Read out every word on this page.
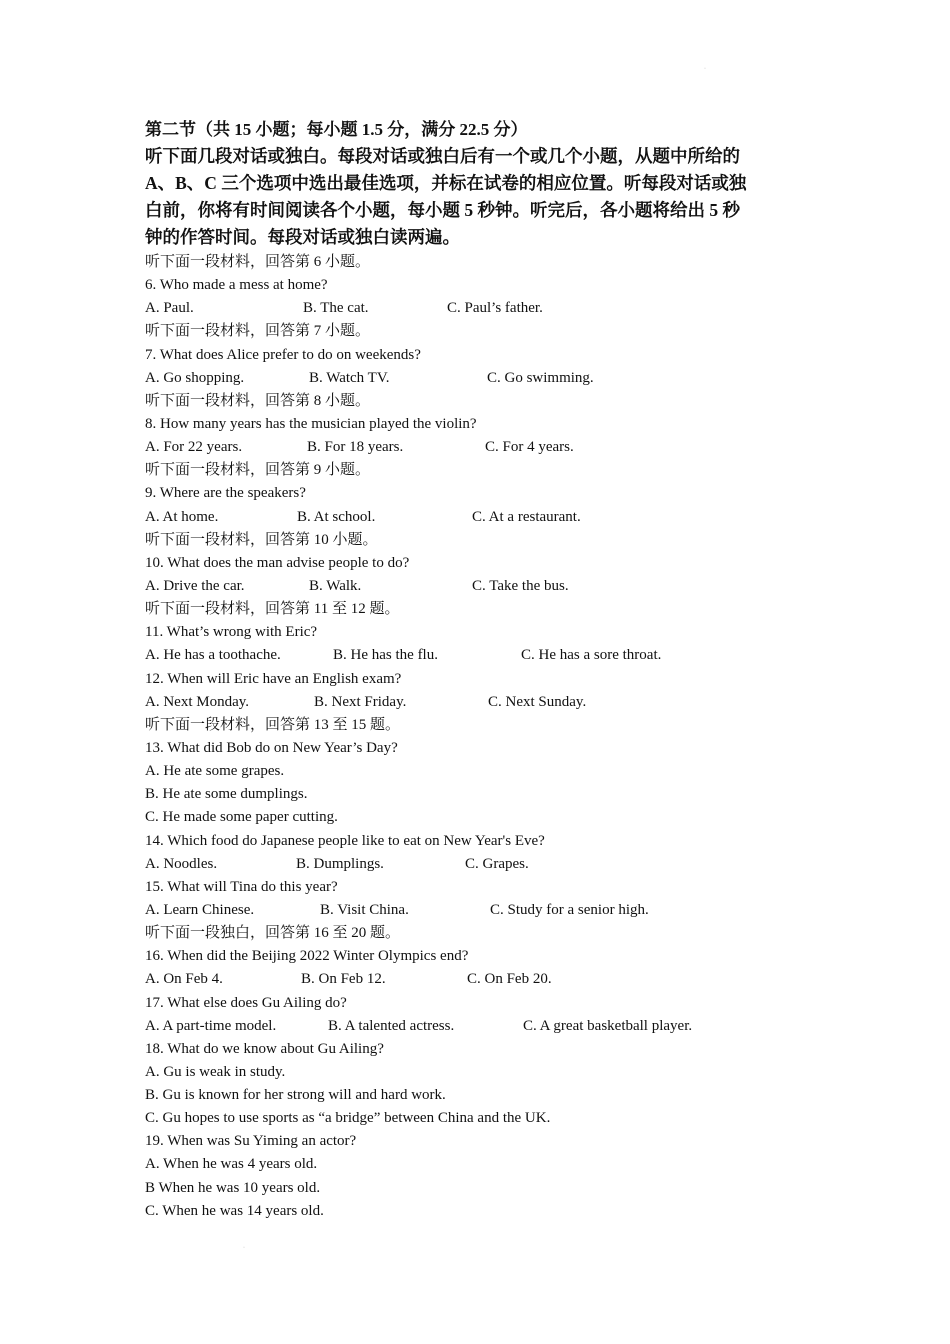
·
·

第二节（共 15 小题；每小题 1.5 分，满分 22.5 分）

听下面几段对话或独白。每段对话或独白后有一个或几个小题，从题中所给的

A、B、C 三个选项中选出最佳选项，并标在试卷的相应位置。听每段对话或独

白前，你将有时间阅读各个小题，每小题 5 秒钟。听完后，各小题将给出 5 秒

钟的作答时间。每段对话或独白读两遍。

听下面一段材料，回答第 6 小题。
6. Who made a mess at home?
A. Paul.	B. The cat.	C. Paul’s father.
听下面一段材料，回答第 7 小题。
7. What does Alice prefer to do on weekends?
A. Go shopping.	B. Watch TV.	C. Go swimming.
听下面一段材料，回答第 8 小题。
8. How many years has the musician played the violin?
A. For 22 years.	B. For 18 years.	C. For 4 years.
听下面一段材料，回答第 9 小题。
9. Where are the speakers?
A. At home.	B. At school.	C. At a restaurant.
听下面一段材料，回答第 10 小题。
10. What does the man advise people to do?
A. Drive the car.	B. Walk.	C. Take the bus.
听下面一段材料，回答第 11 至 12 题。
11. What’s wrong with Eric?
A. He has a toothache.	B. He has the flu.	C. He has a sore throat.
12. When will Eric have an English exam?
A. Next Monday.	B. Next Friday.	C. Next Sunday.
听下面一段材料，回答第 13 至 15 题。
13. What did Bob do on New Year’s Day?
A. He ate some grapes.
B. He ate some dumplings.
C. He made some paper cutting.
14. Which food do Japanese people like to eat on New Year's Eve?
A. Noodles.	B. Dumplings.	C. Grapes.
15. What will Tina do this year?
A. Learn Chinese.	B. Visit China.	C. Study for a senior high.
听下面一段独白，回答第 16 至 20 题。
16. When did the Beijing 2022 Winter Olympics end?
A. On Feb 4.	B. On Feb 12.	C. On Feb 20.
17. What else does Gu Ailing do?
A. A part-time model.	B. A talented actress.	C. A great basketball player.
18. What do we know about Gu Ailing?
A. Gu is weak in study.
B. Gu is known for her strong will and hard work.
C. Gu hopes to use sports as “a bridge” between China and the UK.
19. When was Su Yiming an actor?
A. When he was 4 years old.
B When he was 10 years old.
C. When he was 14 years old.
